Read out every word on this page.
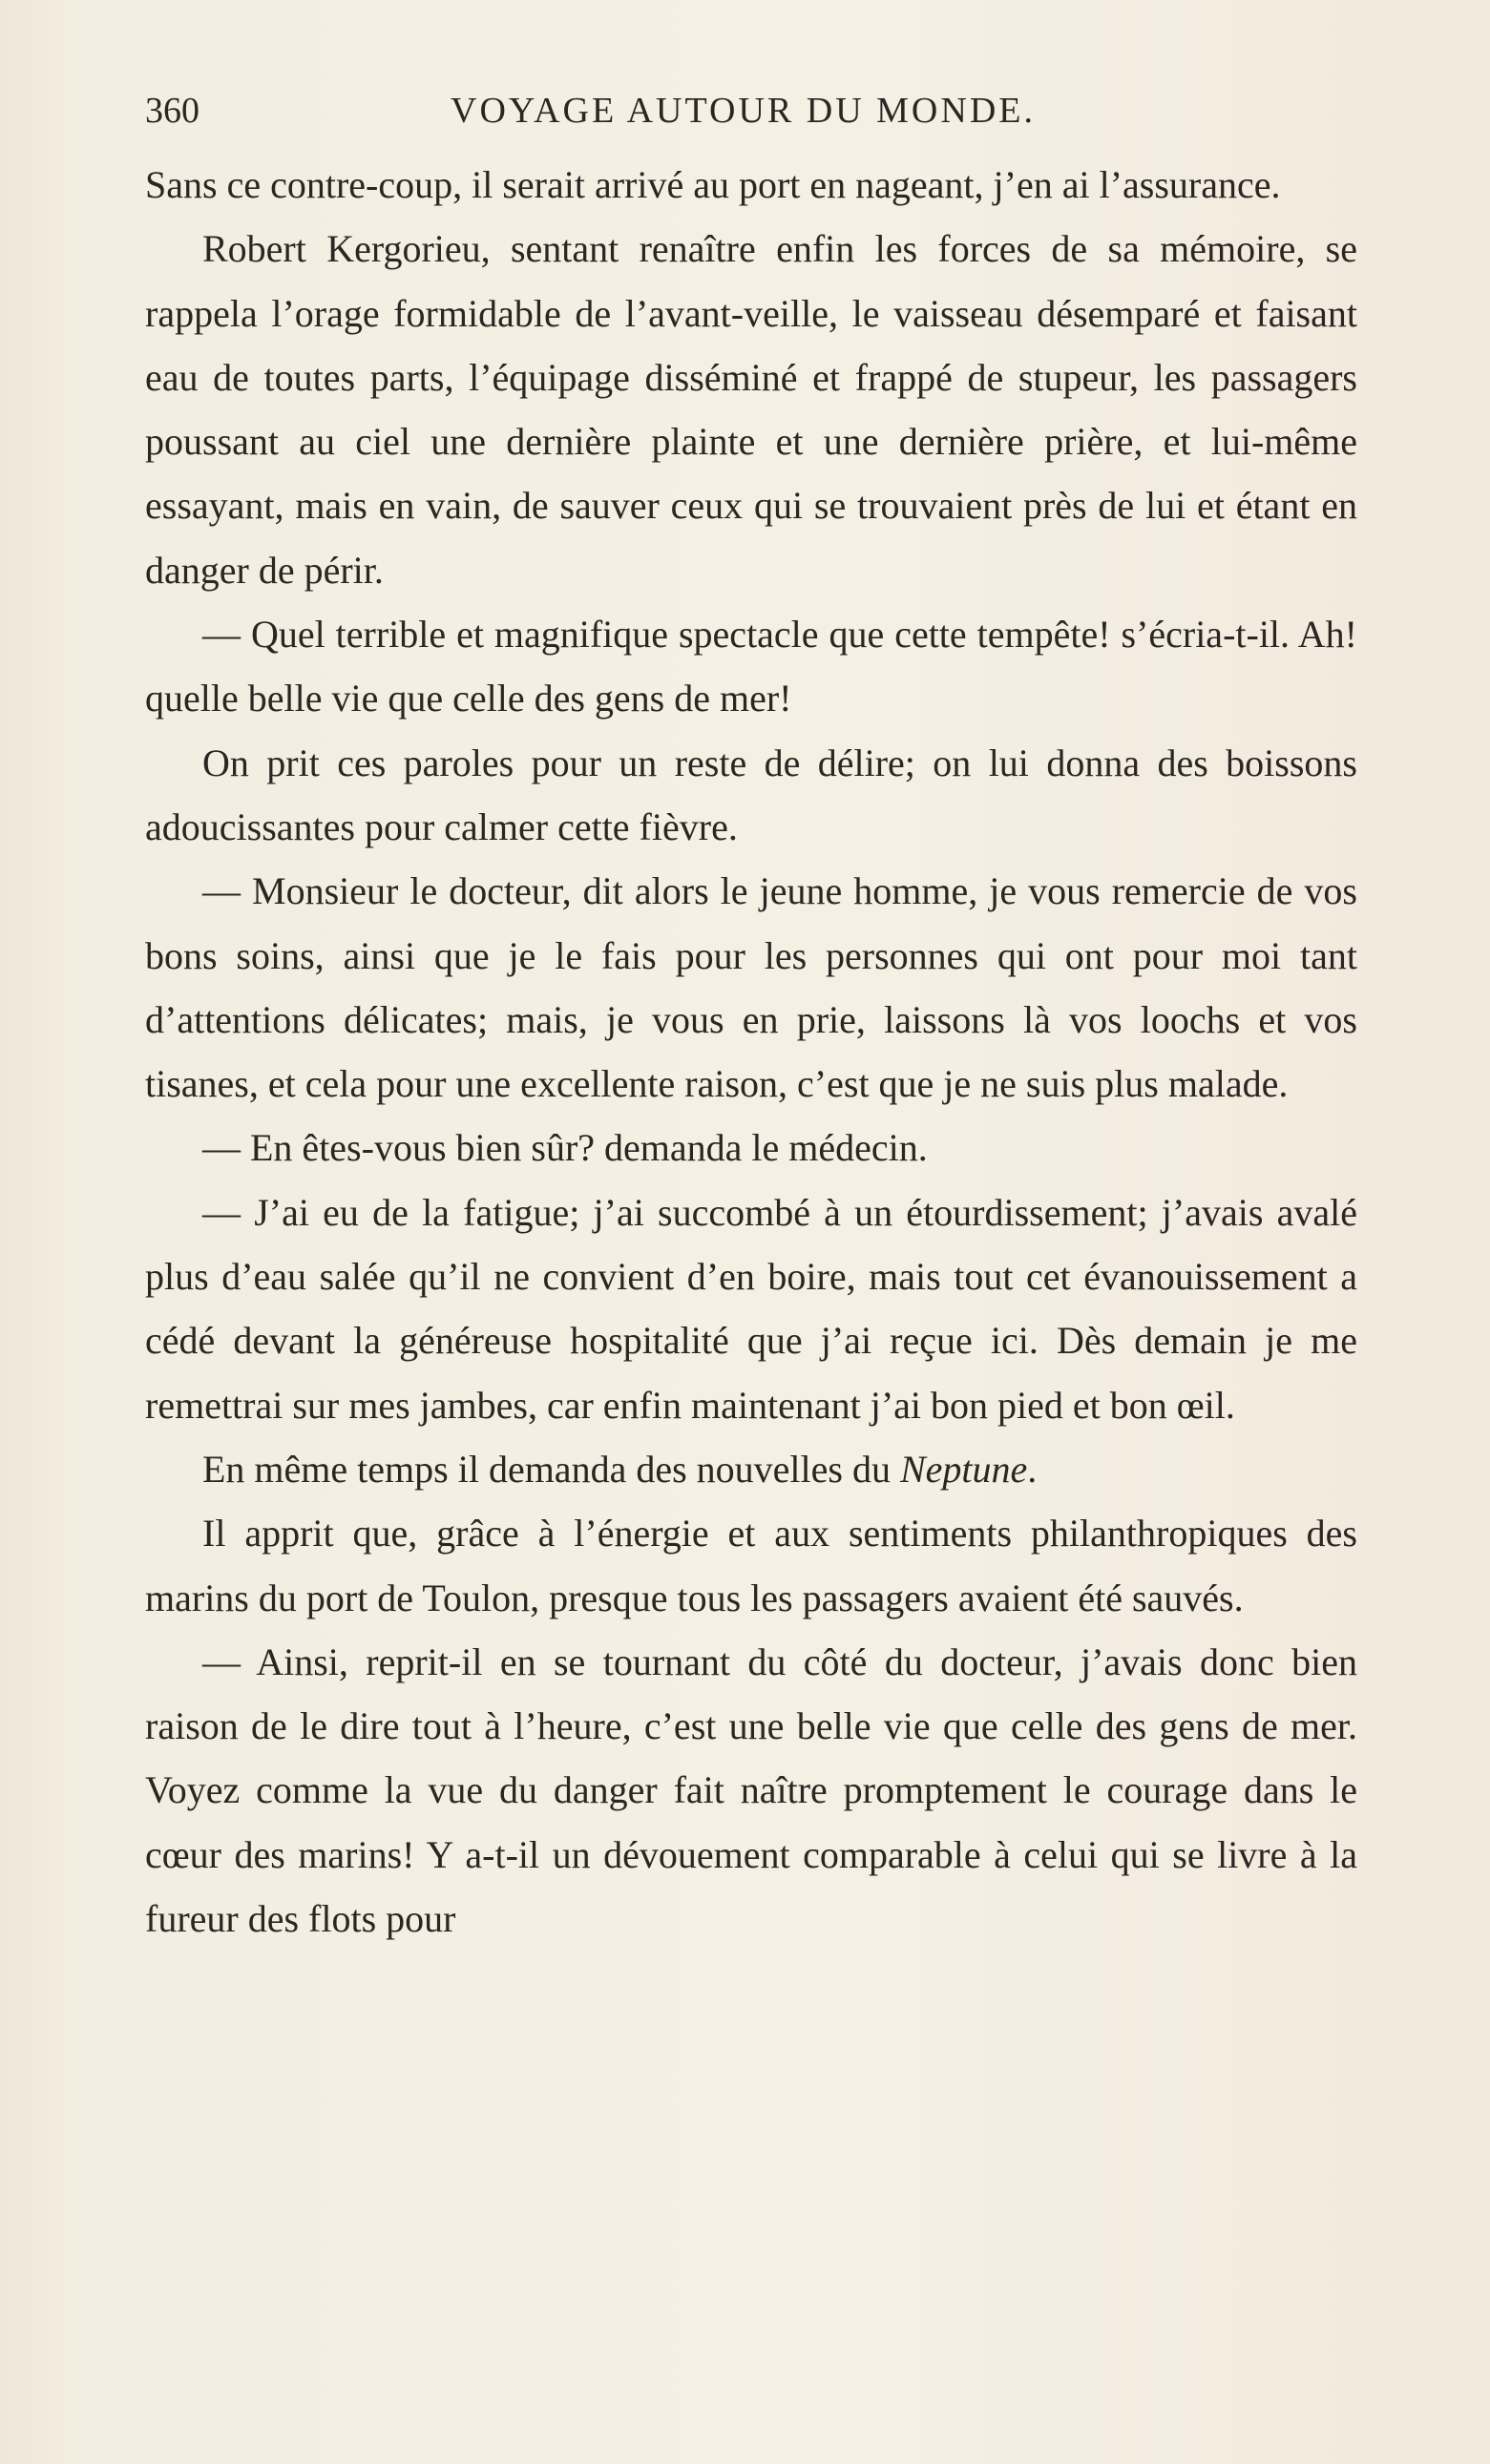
360	VOYAGE AUTOUR DU MONDE.

Sans ce contre-coup, il serait arrivé au port en nageant, j’en ai l’assurance.

Robert Kergorieu, sentant renaître enfin les forces de sa mémoire, se rappela l’orage formidable de l’avant-veille, le vaisseau désemparé et faisant eau de toutes parts, l’équipage disséminé et frappé de stupeur, les passagers poussant au ciel une dernière plainte et une dernière prière, et lui-même essayant, mais en vain, de sauver ceux qui se trouvaient près de lui et étant en danger de périr.

— Quel terrible et magnifique spectacle que cette tempête! s’écria-t-il. Ah! quelle belle vie que celle des gens de mer!

On prit ces paroles pour un reste de délire; on lui donna des boissons adoucissantes pour calmer cette fièvre.

— Monsieur le docteur, dit alors le jeune homme, je vous remercie de vos bons soins, ainsi que je le fais pour les personnes qui ont pour moi tant d’attentions délicates; mais, je vous en prie, laissons là vos loochs et vos tisanes, et cela pour une excellente raison, c’est que je ne suis plus malade.

— En êtes-vous bien sûr? demanda le médecin.

— J’ai eu de la fatigue; j’ai succombé à un étourdissement; j’avais avalé plus d’eau salée qu’il ne convient d’en boire, mais tout cet évanouissement a cédé devant la généreuse hospitalité que j’ai reçue ici. Dès demain je me remettrai sur mes jambes, car enfin maintenant j’ai bon pied et bon œil.

En même temps il demanda des nouvelles du Neptune.

Il apprit que, grâce à l’énergie et aux sentiments philanthropiques des marins du port de Toulon, presque tous les passagers avaient été sauvés.

— Ainsi, reprit-il en se tournant du côté du docteur, j’avais donc bien raison de le dire tout à l’heure, c’est une belle vie que celle des gens de mer. Voyez comme la vue du danger fait naître promptement le courage dans le cœur des marins! Y a-t-il un dévouement comparable à celui qui se livre à la fureur des flots pour
